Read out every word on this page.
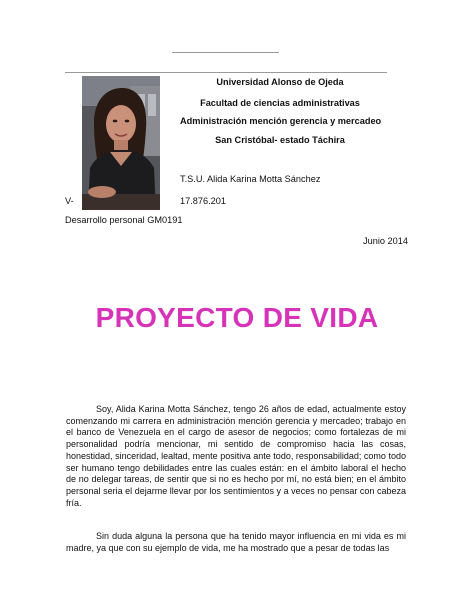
Universidad Alonso de Ojeda
Facultad de ciencias administrativas
Administración mención gerencia y mercadeo
San Cristóbal- estado Táchira
T.S.U. Alida Karina Motta Sánchez
V-	17.876.201
Desarrollo personal GM0191
Junio 2014
PROYECTO DE VIDA

Soy, Alida Karina Motta Sánchez, tengo 26 años de edad, actualmente estoy comenzando mi carrera en administración mención gerencia y mercadeo; trabajo en el banco de Venezuela en el cargo de asesor de negocios; como fortalezas de mi personalidad podría mencionar, mi sentido de compromiso hacia las cosas, honestidad, sinceridad, lealtad, mente positiva ante todo, responsabilidad; como todo ser humano tengo debilidades entre las cuales están: en el ámbito laboral el hecho de no delegar tareas, de sentir que si no es hecho por mí, no está bien; en el ámbito personal seria el dejarme llevar por los sentimientos y a veces no pensar con cabeza fría.

Sin duda alguna la persona que ha tenido mayor influencia en mi vida es mi madre, ya que con su ejemplo de vida, me ha mostrado que a pesar de todas las
